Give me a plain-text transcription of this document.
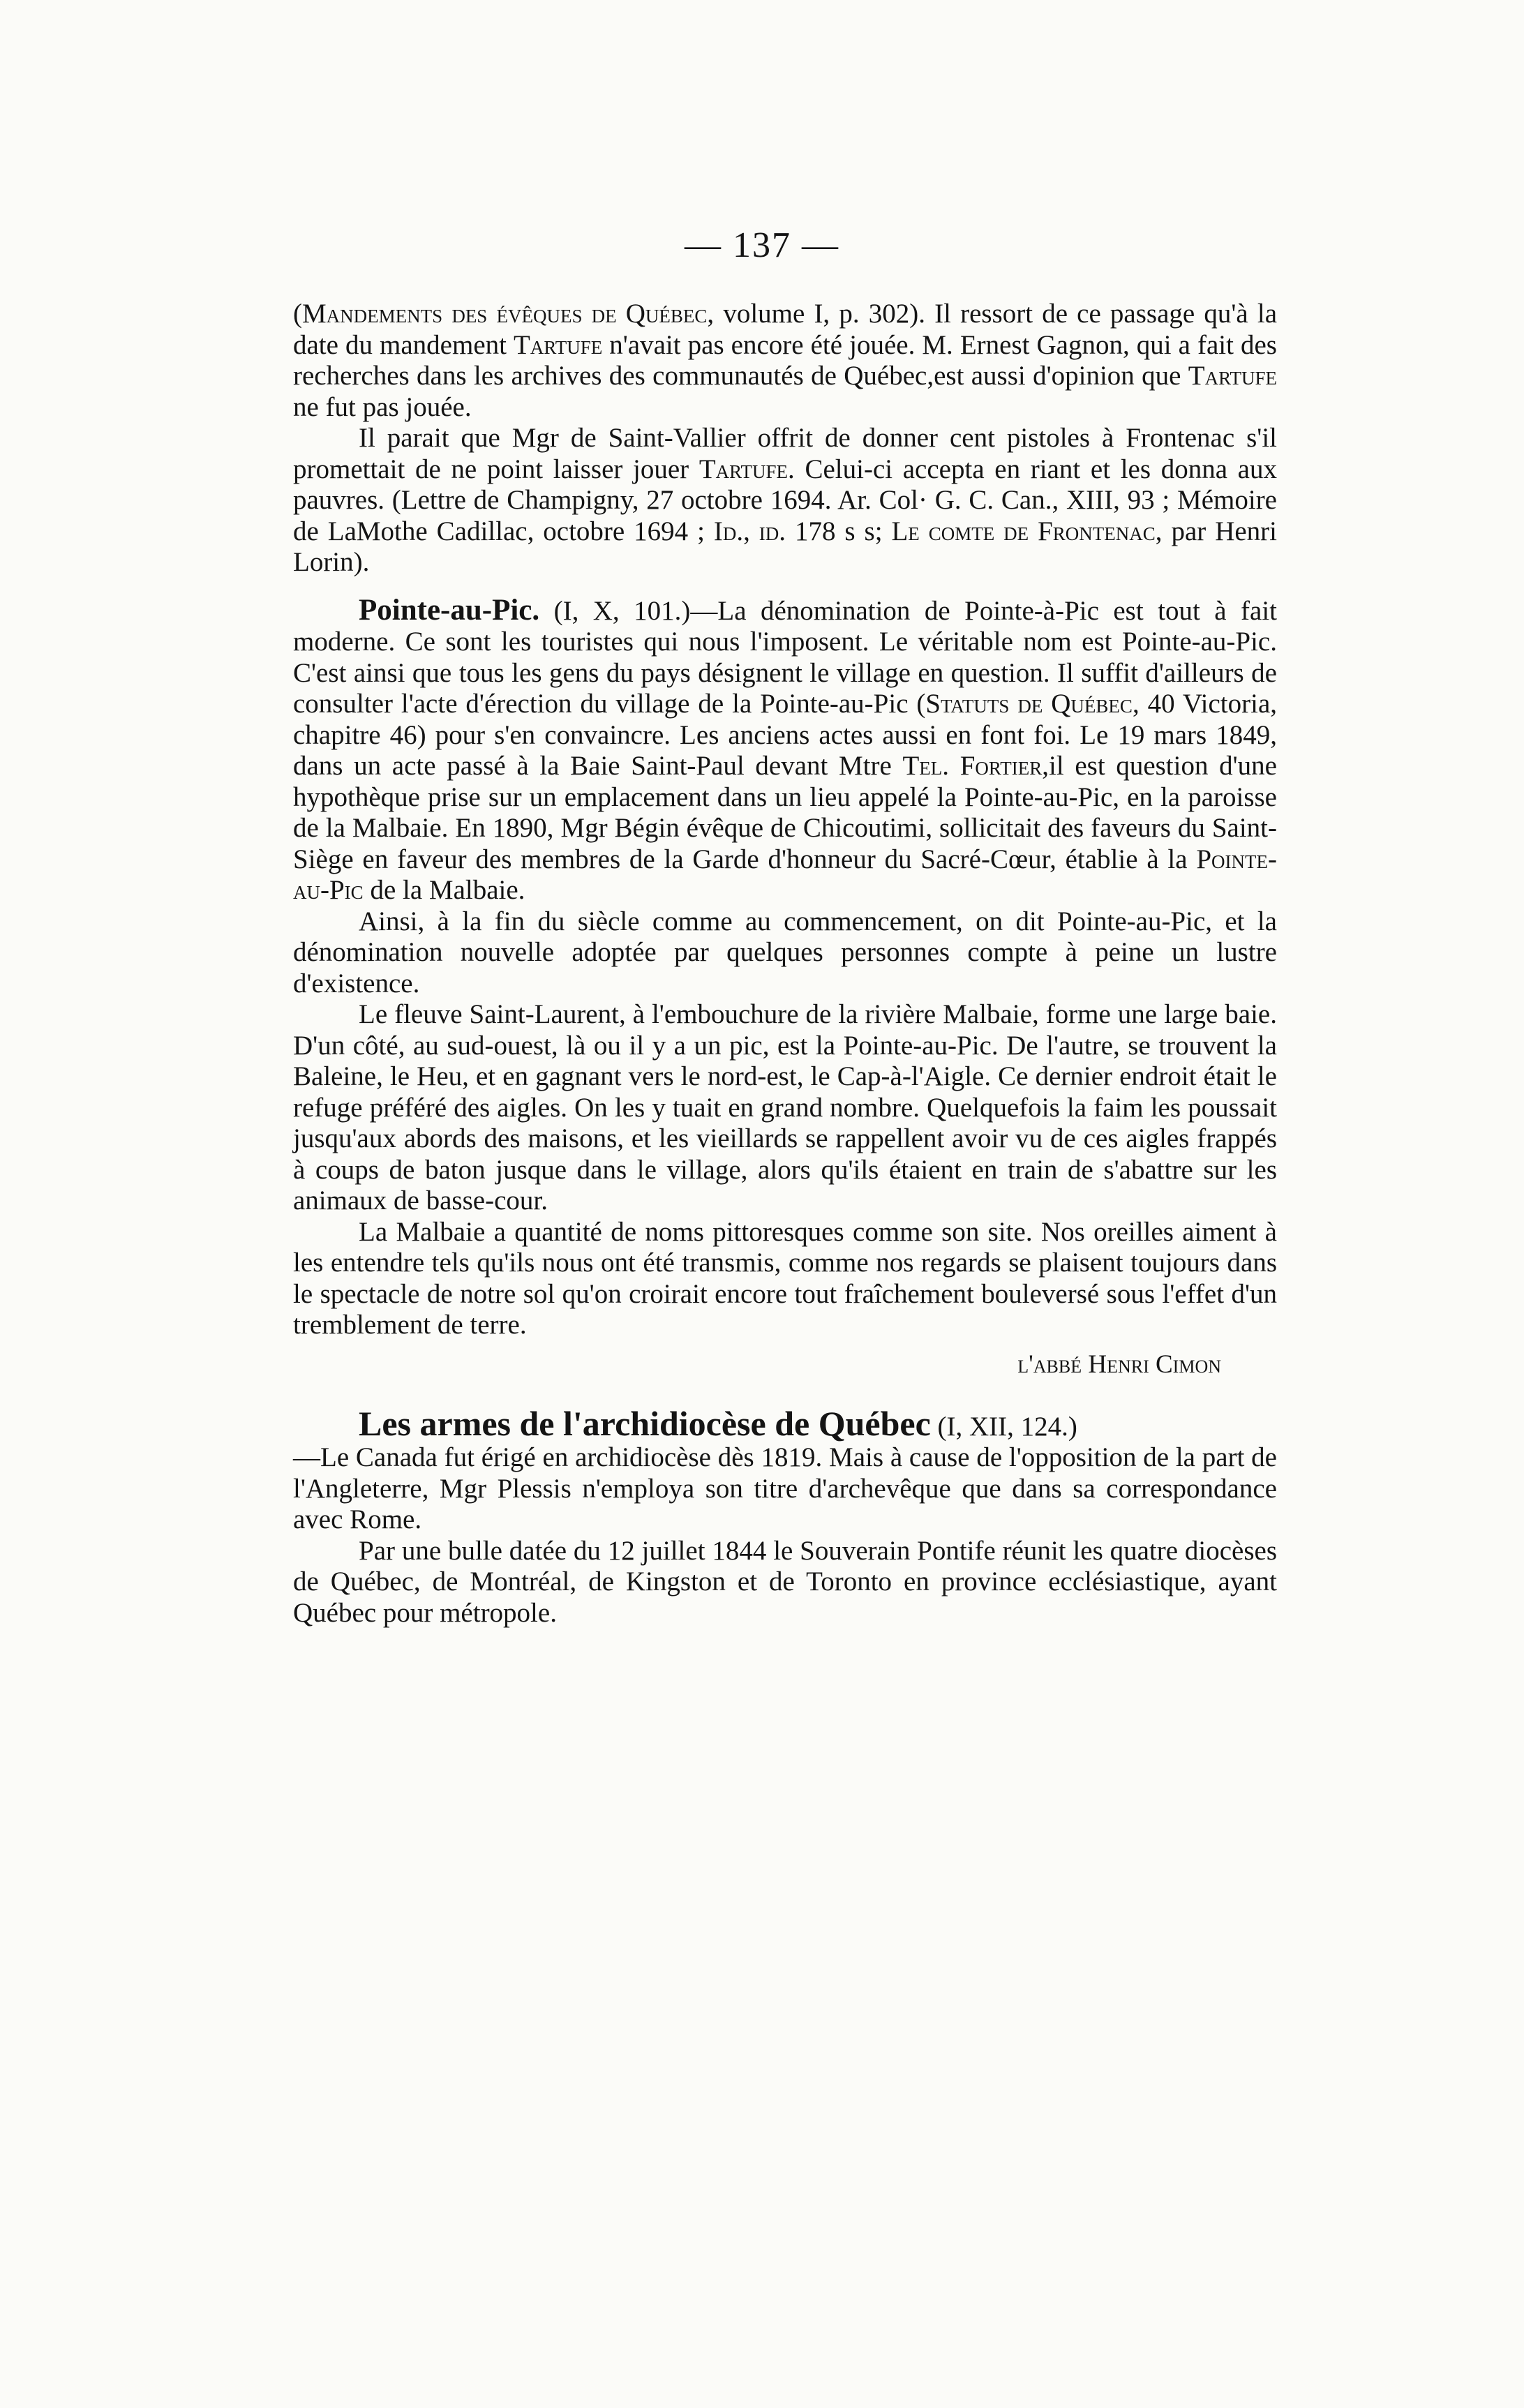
— 137 —

(Mandements des évêques de Québec, volume I, p. 302). Il ressort de ce passage qu'à la date du mandement Tartufe n'avait pas encore été jouée. M. Ernest Gagnon, qui a fait des recherches dans les archives des communautés de Québec,est aussi d'opinion que Tartufe ne fut pas jouée.

Il parait que Mgr de Saint-Vallier offrit de donner cent pistoles à Frontenac s'il promettait de ne point laisser jouer Tartufe. Celui-ci accepta en riant et les donna aux pauvres. (Lettre de Champigny, 27 octobre 1694. Ar. Col· G. C. Can., XIII, 93 ; Mémoire de LaMothe Cadillac, octobre 1694 ; Id., id. 178 s s; Le comte de Frontenac, par Henri Lorin).

Pointe-au-Pic. (I, X, 101.)—La dénomination de Pointe-à-Pic est tout à fait moderne. Ce sont les touristes qui nous l'imposent. Le véritable nom est Pointe-au-Pic. C'est ainsi que tous les gens du pays désignent le village en question. Il suffit d'ailleurs de consulter l'acte d'érection du village de la Pointe-au-Pic (Statuts de Québec, 40 Victoria, chapitre 46) pour s'en convaincre. Les anciens actes aussi en font foi. Le 19 mars 1849, dans un acte passé à la Baie Saint-Paul devant Mtre Tel. Fortier,il est question d'une hypothèque prise sur un emplacement dans un lieu appelé la Pointe-au-Pic, en la paroisse de la Malbaie. En 1890, Mgr Bégin évêque de Chicoutimi, sollicitait des faveurs du Saint-Siège en faveur des membres de la Garde d'honneur du Sacré-Cœur, établie à la Pointe-au-Pic de la Malbaie.

Ainsi, à la fin du siècle comme au commencement, on dit Pointe-au-Pic, et la dénomination nouvelle adoptée par quelques personnes compte à peine un lustre d'existence.

Le fleuve Saint-Laurent, à l'embouchure de la rivière Malbaie, forme une large baie. D'un côté, au sud-ouest, là ou il y a un pic, est la Pointe-au-Pic. De l'autre, se trouvent la Baleine, le Heu, et en gagnant vers le nord-est, le Cap-à-l'Aigle. Ce dernier endroit était le refuge préféré des aigles. On les y tuait en grand nombre. Quelquefois la faim les poussait jusqu'aux abords des maisons, et les vieillards se rappellent avoir vu de ces aigles frappés à coups de baton jusque dans le village, alors qu'ils étaient en train de s'abattre sur les animaux de basse-cour.

La Malbaie a quantité de noms pittoresques comme son site. Nos oreilles aiment à les entendre tels qu'ils nous ont été transmis, comme nos regards se plaisent toujours dans le spectacle de notre sol qu'on croirait encore tout fraîchement bouleversé sous l'effet d'un tremblement de terre.

l'abbé Henri Cimon

Les armes de l'archidiocèse de Québec (I, XII, 124.)
—Le Canada fut érigé en archidiocèse dès 1819. Mais à cause de l'opposition de la part de l'Angleterre, Mgr Plessis n'employa son titre d'archevêque que dans sa correspondance avec Rome.

Par une bulle datée du 12 juillet 1844 le Souverain Pontife réunit les quatre diocèses de Québec, de Montréal, de Kingston et de Toronto en province ecclésiastique, ayant Québec pour métropole.
